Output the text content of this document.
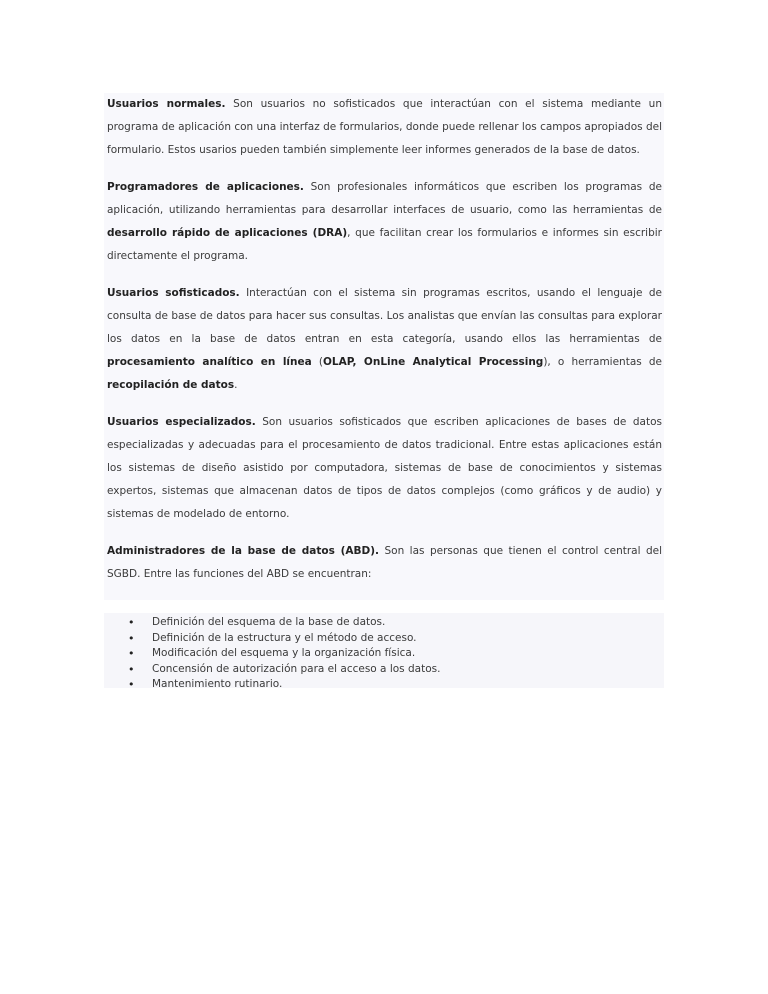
Usuarios normales. Son usuarios no sofisticados que interactúan con el sistema mediante un programa de aplicación con una interfaz de formularios, donde puede rellenar los campos apropiados del formulario. Estos usarios pueden también simplemente leer informes generados de la base de datos.

Programadores de aplicaciones. Son profesionales informáticos que escriben los programas de aplicación, utilizando herramientas para desarrollar interfaces de usuario, como las herramientas de desarrollo rápido de aplicaciones (DRA), que facilitan crear los formularios e informes sin escribir directamente el programa.

Usuarios sofisticados. Interactúan con el sistema sin programas escritos, usando el lenguaje de consulta de base de datos para hacer sus consultas. Los analistas que envían las consultas para explorar los datos en la base de datos entran en esta categoría, usando ellos las herramientas de procesamiento analítico en línea (OLAP, OnLine Analytical Processing), o herramientas de recopilación de datos.

Usuarios especializados. Son usuarios sofisticados que escriben aplicaciones de bases de datos especializadas y adecuadas para el procesamiento de datos tradicional. Entre estas aplicaciones están los sistemas de diseño asistido por computadora, sistemas de base de conocimientos y sistemas expertos, sistemas que almacenan datos de tipos de datos complejos (como gráficos y de audio) y sistemas de modelado de entorno.

Administradores de la base de datos (ABD). Son las personas que tienen el control central del SGBD. Entre las funciones del ABD se encuentran:

• Definición del esquema de la base de datos.
• Definición de la estructura y el método de acceso.
• Modificación del esquema y la organización física.
• Concensión de autorización para el acceso a los datos.
• Mantenimiento rutinario.
